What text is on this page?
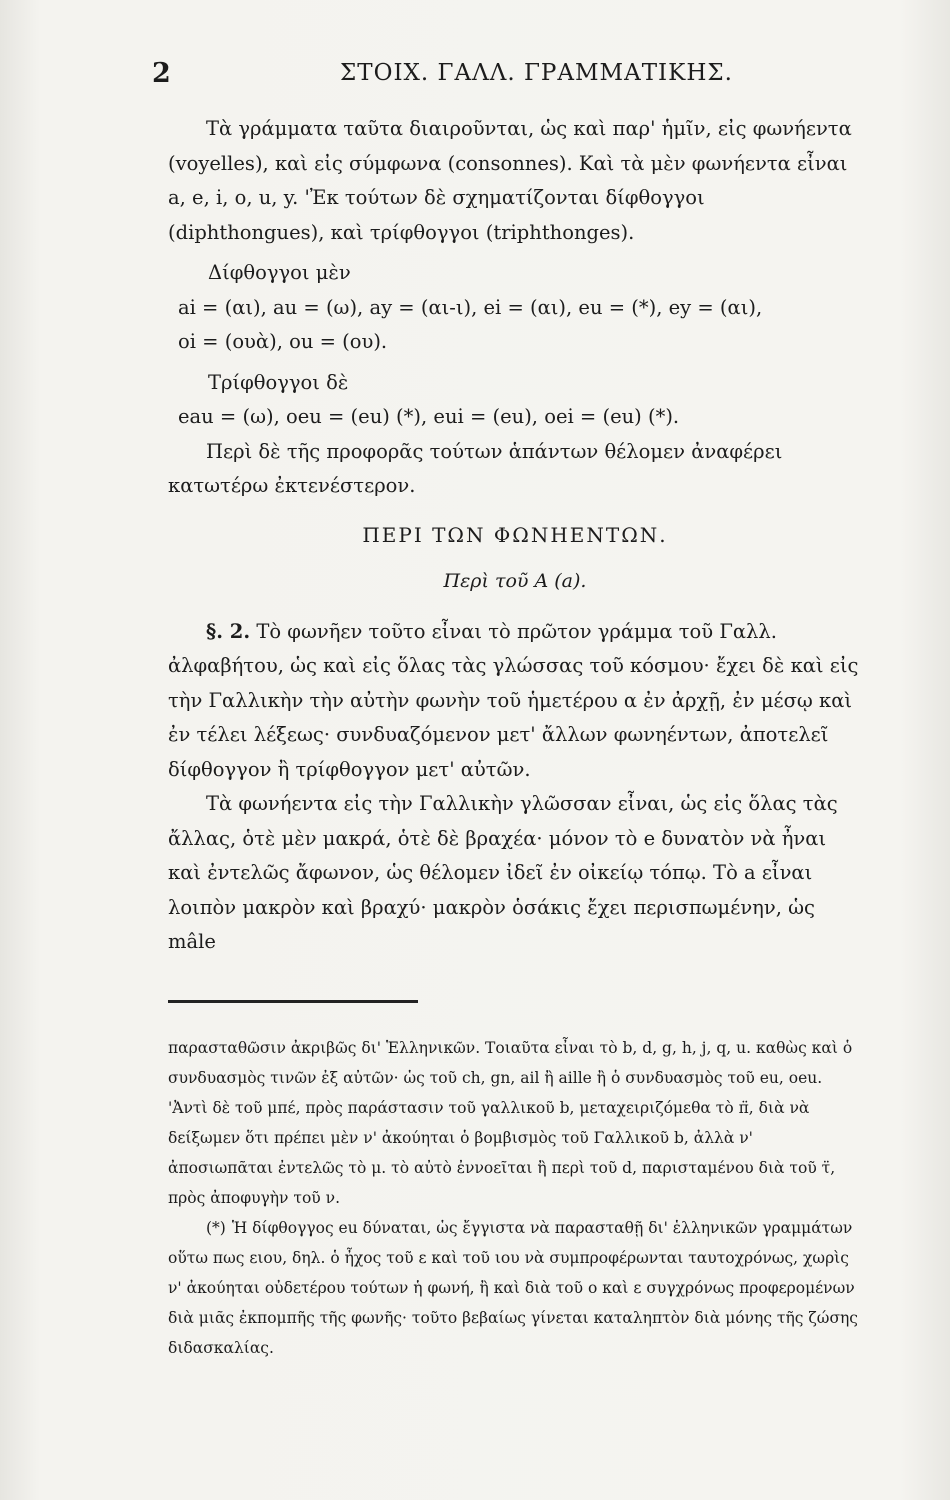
2	ΣΤΟΙΧ. ΓΑΛΛ. ΓΡΑΜΜΑΤΙΚΗΣ.

Τὰ γράμματα ταῦτα διαιροῦνται, ὡς καὶ παρ' ἡμῖν, εἰς φωνήεντα (voyelles), καὶ εἰς σύμφωνα (consonnes). Καὶ τὰ μὲν φωνήεντα εἶναι a, e, i, o, u, y. 'Ἐκ τούτων δὲ σχηματίζονται δίφθογγοι (diphthongues), καὶ τρίφθογγοι (triphthonges).

Δίφθογγοι μὲν

ai = (αι), au = (ω), ay = (αι-ι), ei = (αι), eu = (*), ey = (αι),

oi = (ουὰ), ou = (ου).

Τρίφθογγοι δὲ

eau = (ω), oeu = (eu) (*), eui = (eu), oei = (eu) (*).

Περὶ δὲ τῆς προφορᾶς τούτων ἁπάντων θέλομεν ἀναφέρει κατωτέρω ἐκτενέστερον.

ΠΕΡΙ ΤΩΝ ΦΩΝΗΕΝΤΩΝ.

Περὶ τοῦ Α (a).

§. 2. Τὸ φωνῆεν τοῦτο εἶναι τὸ πρῶτον γράμμα τοῦ Γαλλ. ἀλφαβήτου, ὡς καὶ εἰς ὅλας τὰς γλώσσας τοῦ κόσμου· ἔχει δὲ καὶ εἰς τὴν Γαλλικὴν τὴν αὐτὴν φωνὴν τοῦ ἡμετέρου α ἐν ἀρχῇ, ἐν μέσῳ καὶ ἐν τέλει λέξεως· συνδυαζόμενον μετ' ἄλλων φωνηέντων, ἀποτελεῖ δίφθογγον ἢ τρίφθογγον μετ' αὐτῶν.

Τὰ φωνήεντα εἰς τὴν Γαλλικὴν γλῶσσαν εἶναι, ὡς εἰς ὅλας τὰς ἄλλας, ὁτὲ μὲν μακρά, ὁτὲ δὲ βραχέα· μόνον τὸ e δυνατὸν νὰ ἦναι καὶ ἐντελῶς ἄφωνον, ὡς θέλομεν ἰδεῖ ἐν οἰκείῳ τόπῳ. Τὸ a εἶναι λοιπὸν μακρὸν καὶ βραχύ· μακρὸν ὁσάκις ἔχει περισπωμένην, ὡς mâle

παρασταθῶσιν ἀκριβῶς δι' Ἑλληνικῶν. Τοιαῦτα εἶναι τὸ b, d, g, h, j, q, u. καθὼς καὶ ὁ συνδυασμὸς τινῶν ἐξ αὐτῶν· ὡς τοῦ ch, gn, ail ἢ aille ἢ ὁ συνδυασμὸς τοῦ eu, oeu. 'Ἀντὶ δὲ τοῦ μπέ, πρὸς παράστασιν τοῦ γαλλικοῦ b, μεταχειριζόμεθα τὸ π̈, διὰ νὰ δείξωμεν ὅτι πρέπει μὲν ν' ἀκούηται ὁ βομβισμὸς τοῦ Γαλλικοῦ b, ἀλλὰ ν' ἀποσιωπᾶται ἐντελῶς τὸ μ. τὸ αὐτὸ ἐννοεῖται ἢ περὶ τοῦ d, παρισταμένου διὰ τοῦ τ̈, πρὸς ἀποφυγὴν τοῦ ν.

(*) Ἡ δίφθογγος eu δύναται, ὡς ἔγγιστα νὰ παρασταθῇ δι' ἑλληνικῶν γραμμάτων οὕτω πως ειου, δηλ. ὁ ἦχος τοῦ ε καὶ τοῦ ιου νὰ συμπροφέρωνται ταυτοχρόνως, χωρὶς ν' ἀκούηται οὐδετέρου τούτων ἡ φωνή, ἢ καὶ διὰ τοῦ ο καὶ ε συγχρόνως προφερομένων διὰ μιᾶς ἐκπομπῆς τῆς φωνῆς· τοῦτο βεβαίως γίνεται καταληπτὸν διὰ μόνης τῆς ζώσης διδασκαλίας.
